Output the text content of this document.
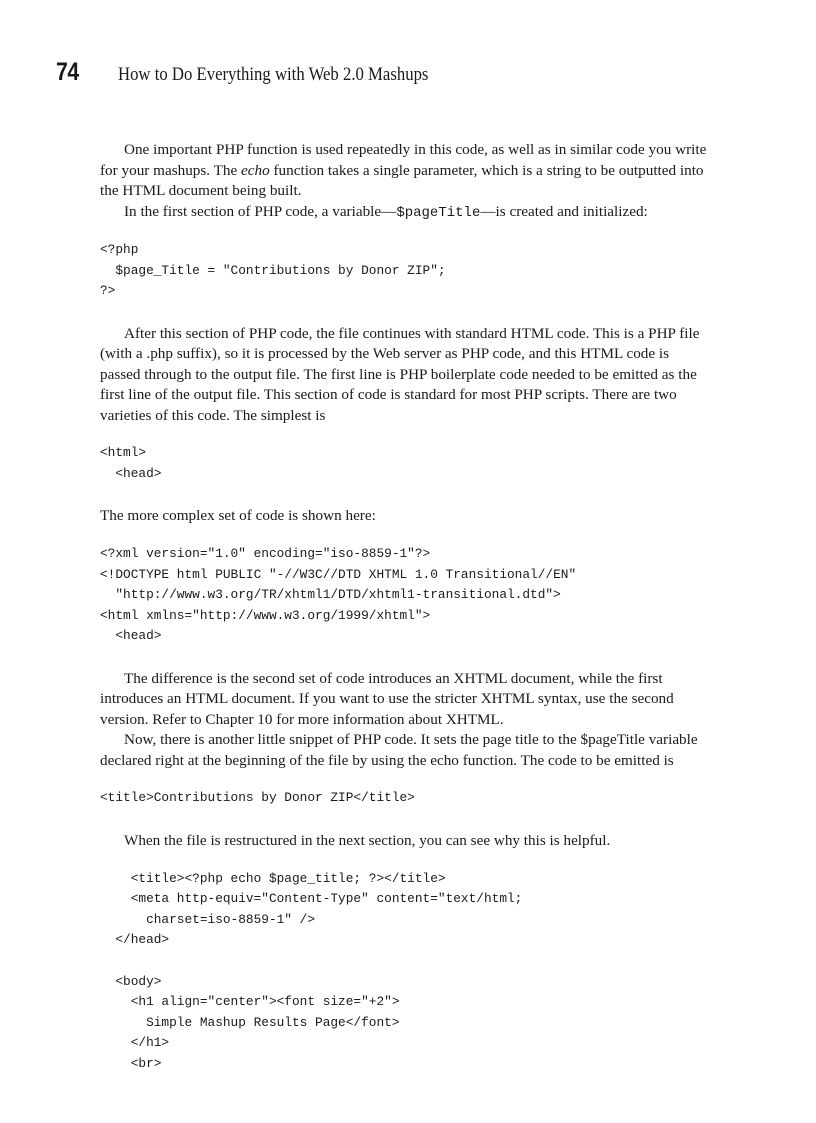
74	How to Do Everything with Web 2.0 Mashups

One important PHP function is used repeatedly in this code, as well as in similar code you write for your mashups. The echo function takes a single parameter, which is a string to be outputted into the HTML document being built.

In the first section of PHP code, a variable—$pageTitle—is created and initialized:

<?php
$page_Title = "Contributions by Donor ZIP";
?>

After this section of PHP code, the file continues with standard HTML code. This is a PHP file (with a .php suffix), so it is processed by the Web server as PHP code, and this HTML code is passed through to the output file. The first line is PHP boilerplate code needed to be emitted as the first line of the output file. This section of code is standard for most PHP scripts. There are two varieties of this code. The simplest is

<html>
<head>

The more complex set of code is shown here:

<?xml version="1.0" encoding="iso-8859-1"?>
<!DOCTYPE html PUBLIC "-//W3C//DTD XHTML 1.0 Transitional//EN"
"http://www.w3.org/TR/xhtml1/DTD/xhtml1-transitional.dtd">
<html xmlns="http://www.w3.org/1999/xhtml">
<head>

The difference is the second set of code introduces an XHTML document, while the first introduces an HTML document. If you want to use the stricter XHTML syntax, use the second version. Refer to Chapter 10 for more information about XHTML.

Now, there is another little snippet of PHP code. It sets the page title to the $pageTitle variable declared right at the beginning of the file by using the echo function. The code to be emitted is

<title>Contributions by Donor ZIP</title>

When the file is restructured in the next section, you can see why this is helpful.

<title><?php echo $page_title; ?></title>
<meta http-equiv="Content-Type" content="text/html;
charset=iso-8859-1" />
</head>
<body>
<h1 align="center"><font size="+2">
Simple Mashup Results Page</font>
</h1>
<br>
